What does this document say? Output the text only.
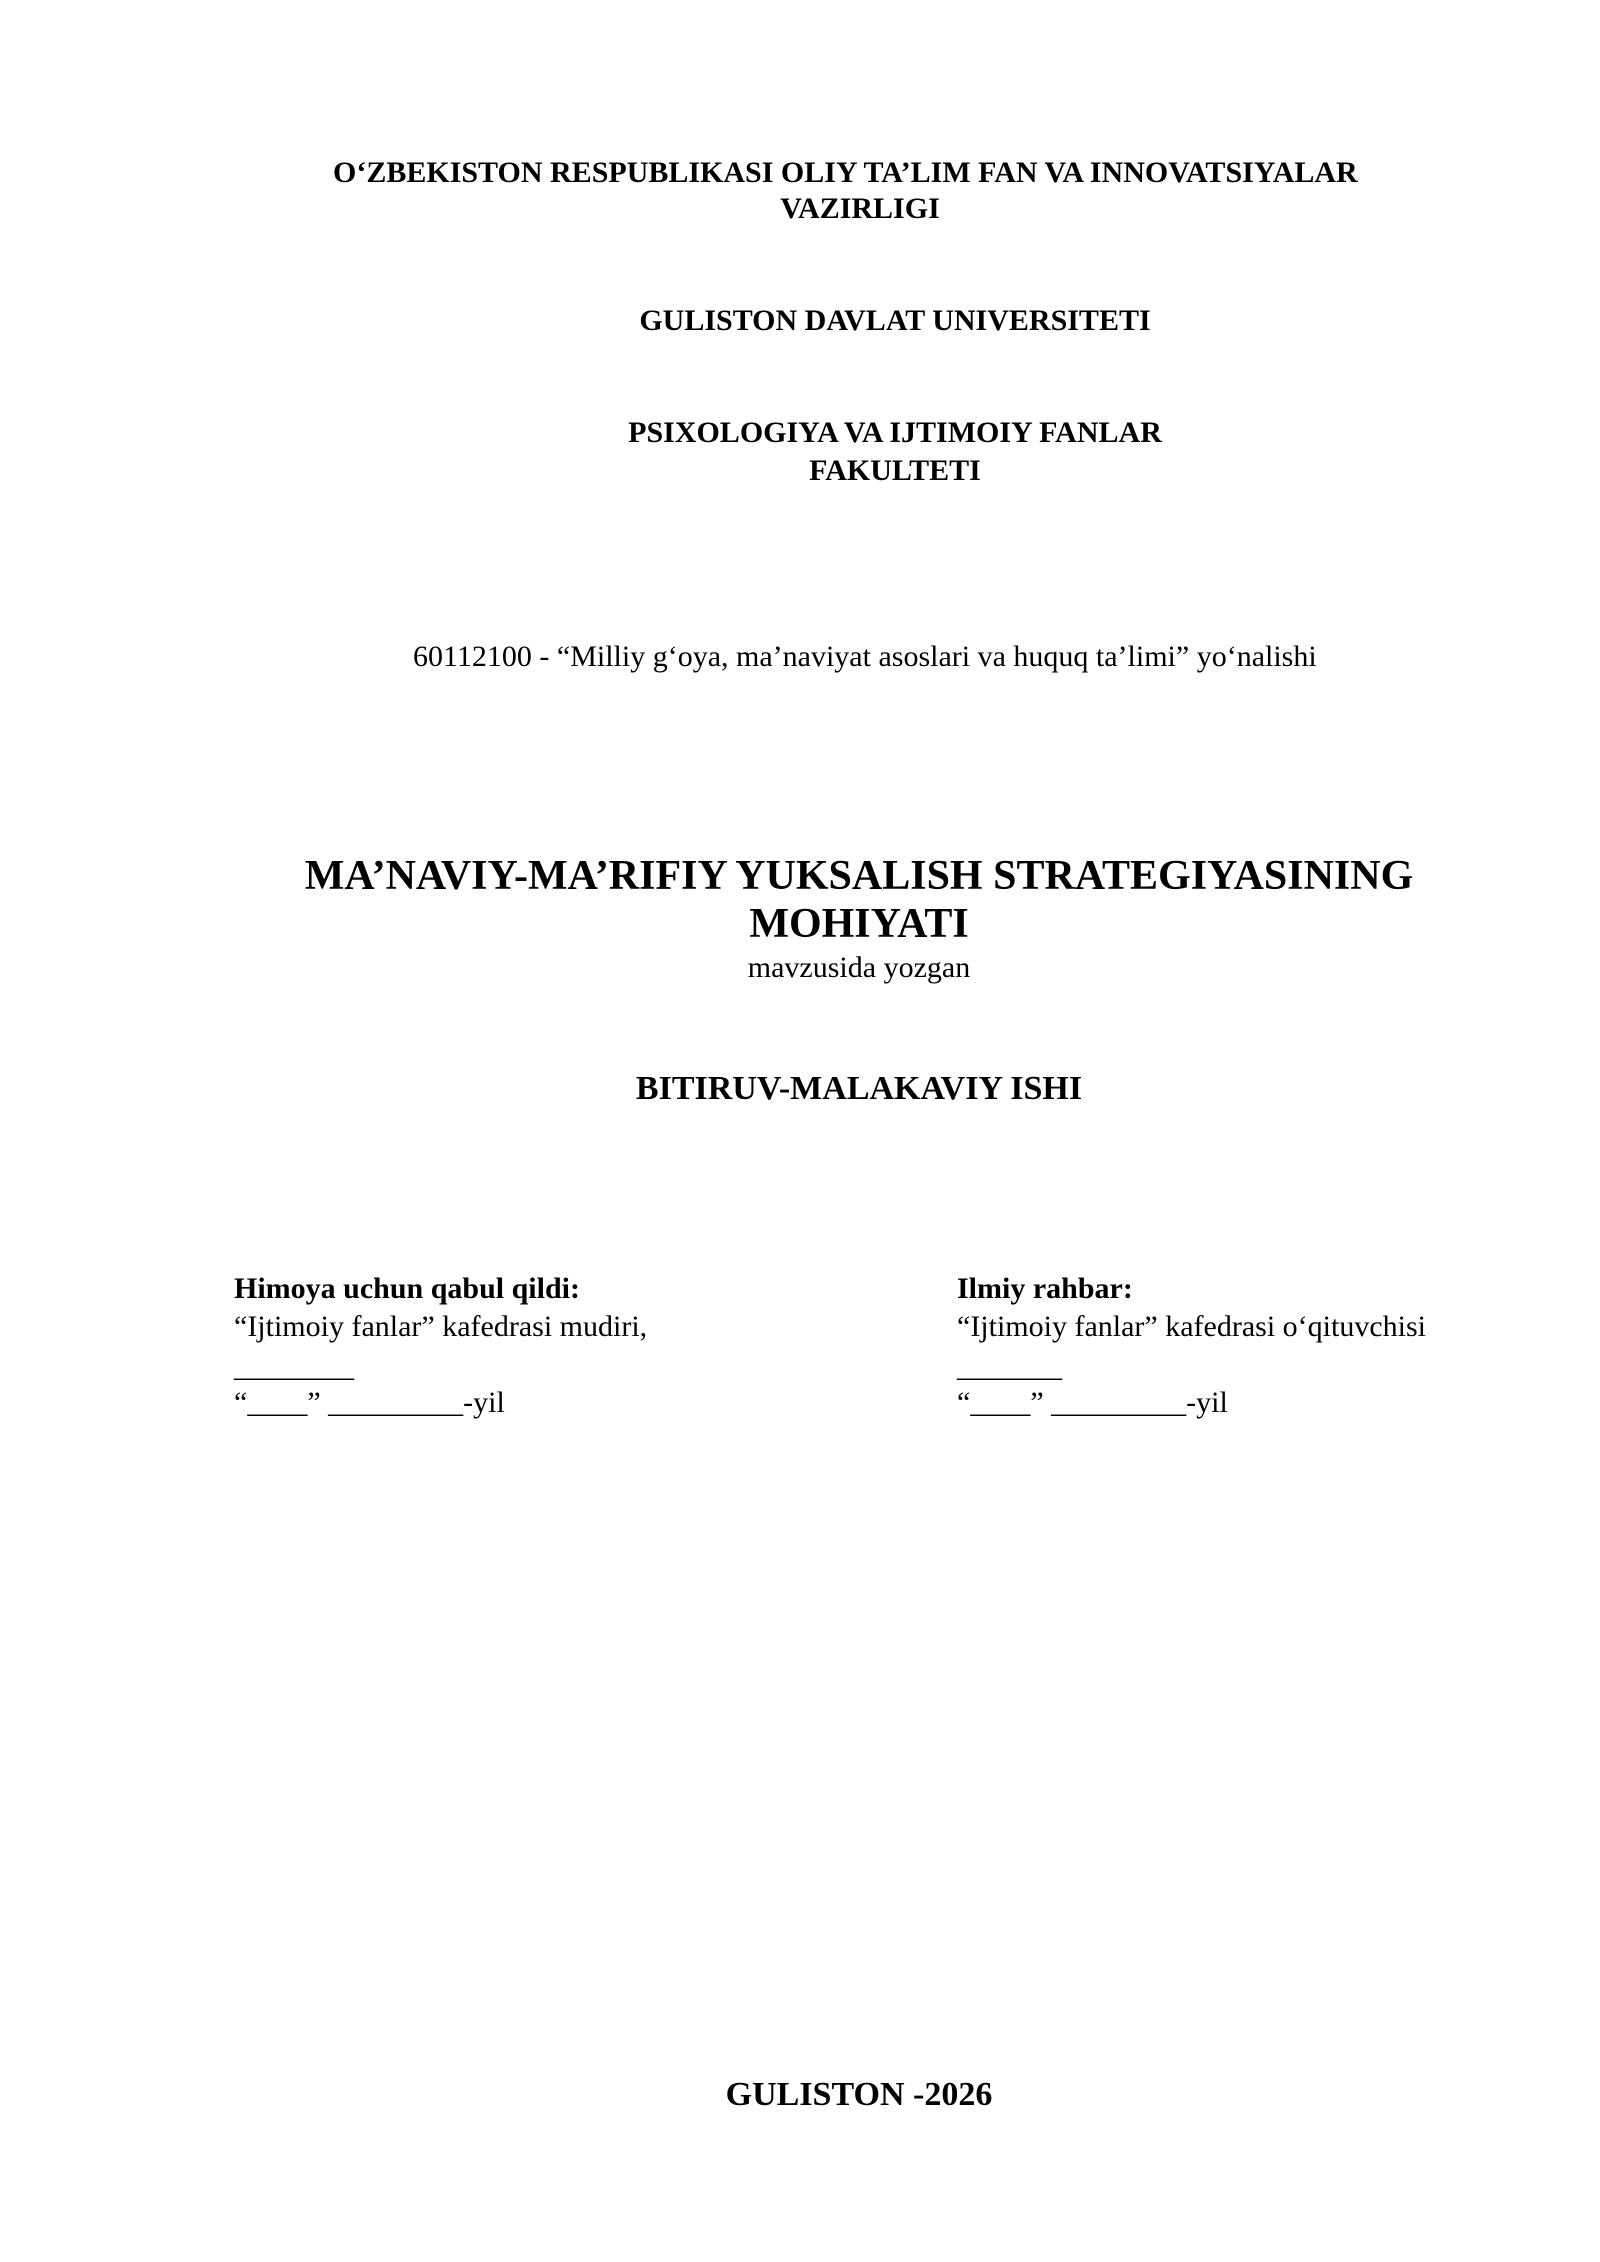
O‘ZBEKISTON RESPUBLIKASI OLIY TA’LIM FAN VA INNOVATSIYALAR
VAZIRLIGI
GULISTON DAVLAT UNIVERSITETI
PSIXOLOGIYA VA IJTIMOIY FANLAR
FAKULTETI
60112100 - “Milliy g‘oya, ma’naviyat asoslari va huquq ta’limi” yo‘nalishi
MA’NAVIY-MA’RIFIY YUKSALISH STRATEGIYASINING
MOHIYATI
mavzusida yozgan
BITIRUV-MALAKAVIY ISHI
Himoya uchun qabul qildi:
“Ijtimoiy fanlar” kafedrasi mudiri,
________
“____” _________-yil
Ilmiy rahbar:
“Ijtimoiy fanlar” kafedrasi o‘qituvchisi
_______
“____” _________-yil
GULISTON -2026
